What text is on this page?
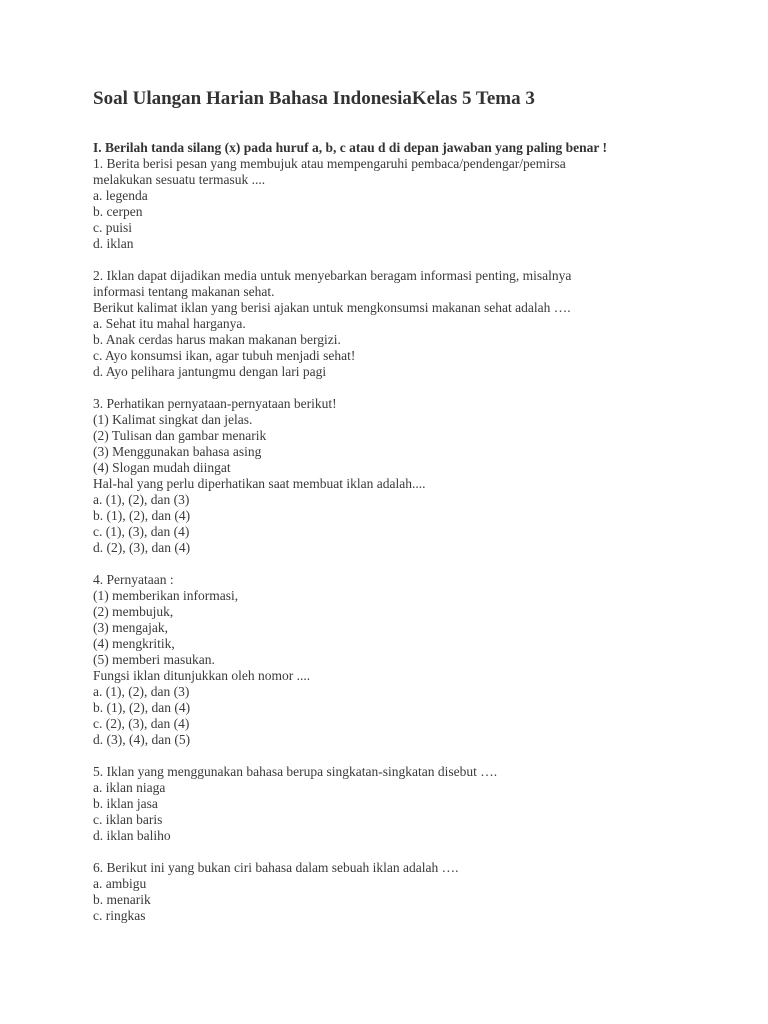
Soal Ulangan Harian Bahasa IndonesiaKelas 5 Tema 3
I. Berilah tanda silang (x) pada huruf a, b, c atau d di depan jawaban yang paling benar !
1. Berita berisi pesan yang membujuk atau mempengaruhi pembaca/pendengar/pemirsa
melakukan sesuatu termasuk ....
a. legenda
b. cerpen
c. puisi
d. iklan
2. Iklan dapat dijadikan media untuk menyebarkan beragam informasi penting, misalnya
informasi tentang makanan sehat.
Berikut kalimat iklan yang berisi ajakan untuk mengkonsumsi makanan sehat adalah ….
a. Sehat itu mahal harganya.
b. Anak cerdas harus makan makanan bergizi.
c. Ayo konsumsi ikan, agar tubuh menjadi sehat!
d. Ayo pelihara jantungmu dengan lari pagi
3. Perhatikan pernyataan-pernyataan berikut!
(1) Kalimat singkat dan jelas.
(2) Tulisan dan gambar menarik
(3) Menggunakan bahasa asing
(4) Slogan mudah diingat
Hal-hal yang perlu diperhatikan saat membuat iklan adalah....
a. (1), (2), dan (3)
b. (1), (2), dan (4)
c. (1), (3), dan (4)
d. (2), (3), dan (4)
4. Pernyataan :
(1) memberikan informasi,
(2) membujuk,
(3) mengajak,
(4) mengkritik,
(5) memberi masukan.
Fungsi iklan ditunjukkan oleh nomor ....
a. (1), (2), dan (3)
b. (1), (2), dan (4)
c. (2), (3), dan (4)
d. (3), (4), dan (5)
5. Iklan yang menggunakan bahasa berupa singkatan-singkatan disebut ….
a. iklan niaga
b. iklan jasa
c. iklan baris
d. iklan baliho
6. Berikut ini yang bukan ciri bahasa dalam sebuah iklan adalah ….
a. ambigu
b. menarik
c. ringkas
